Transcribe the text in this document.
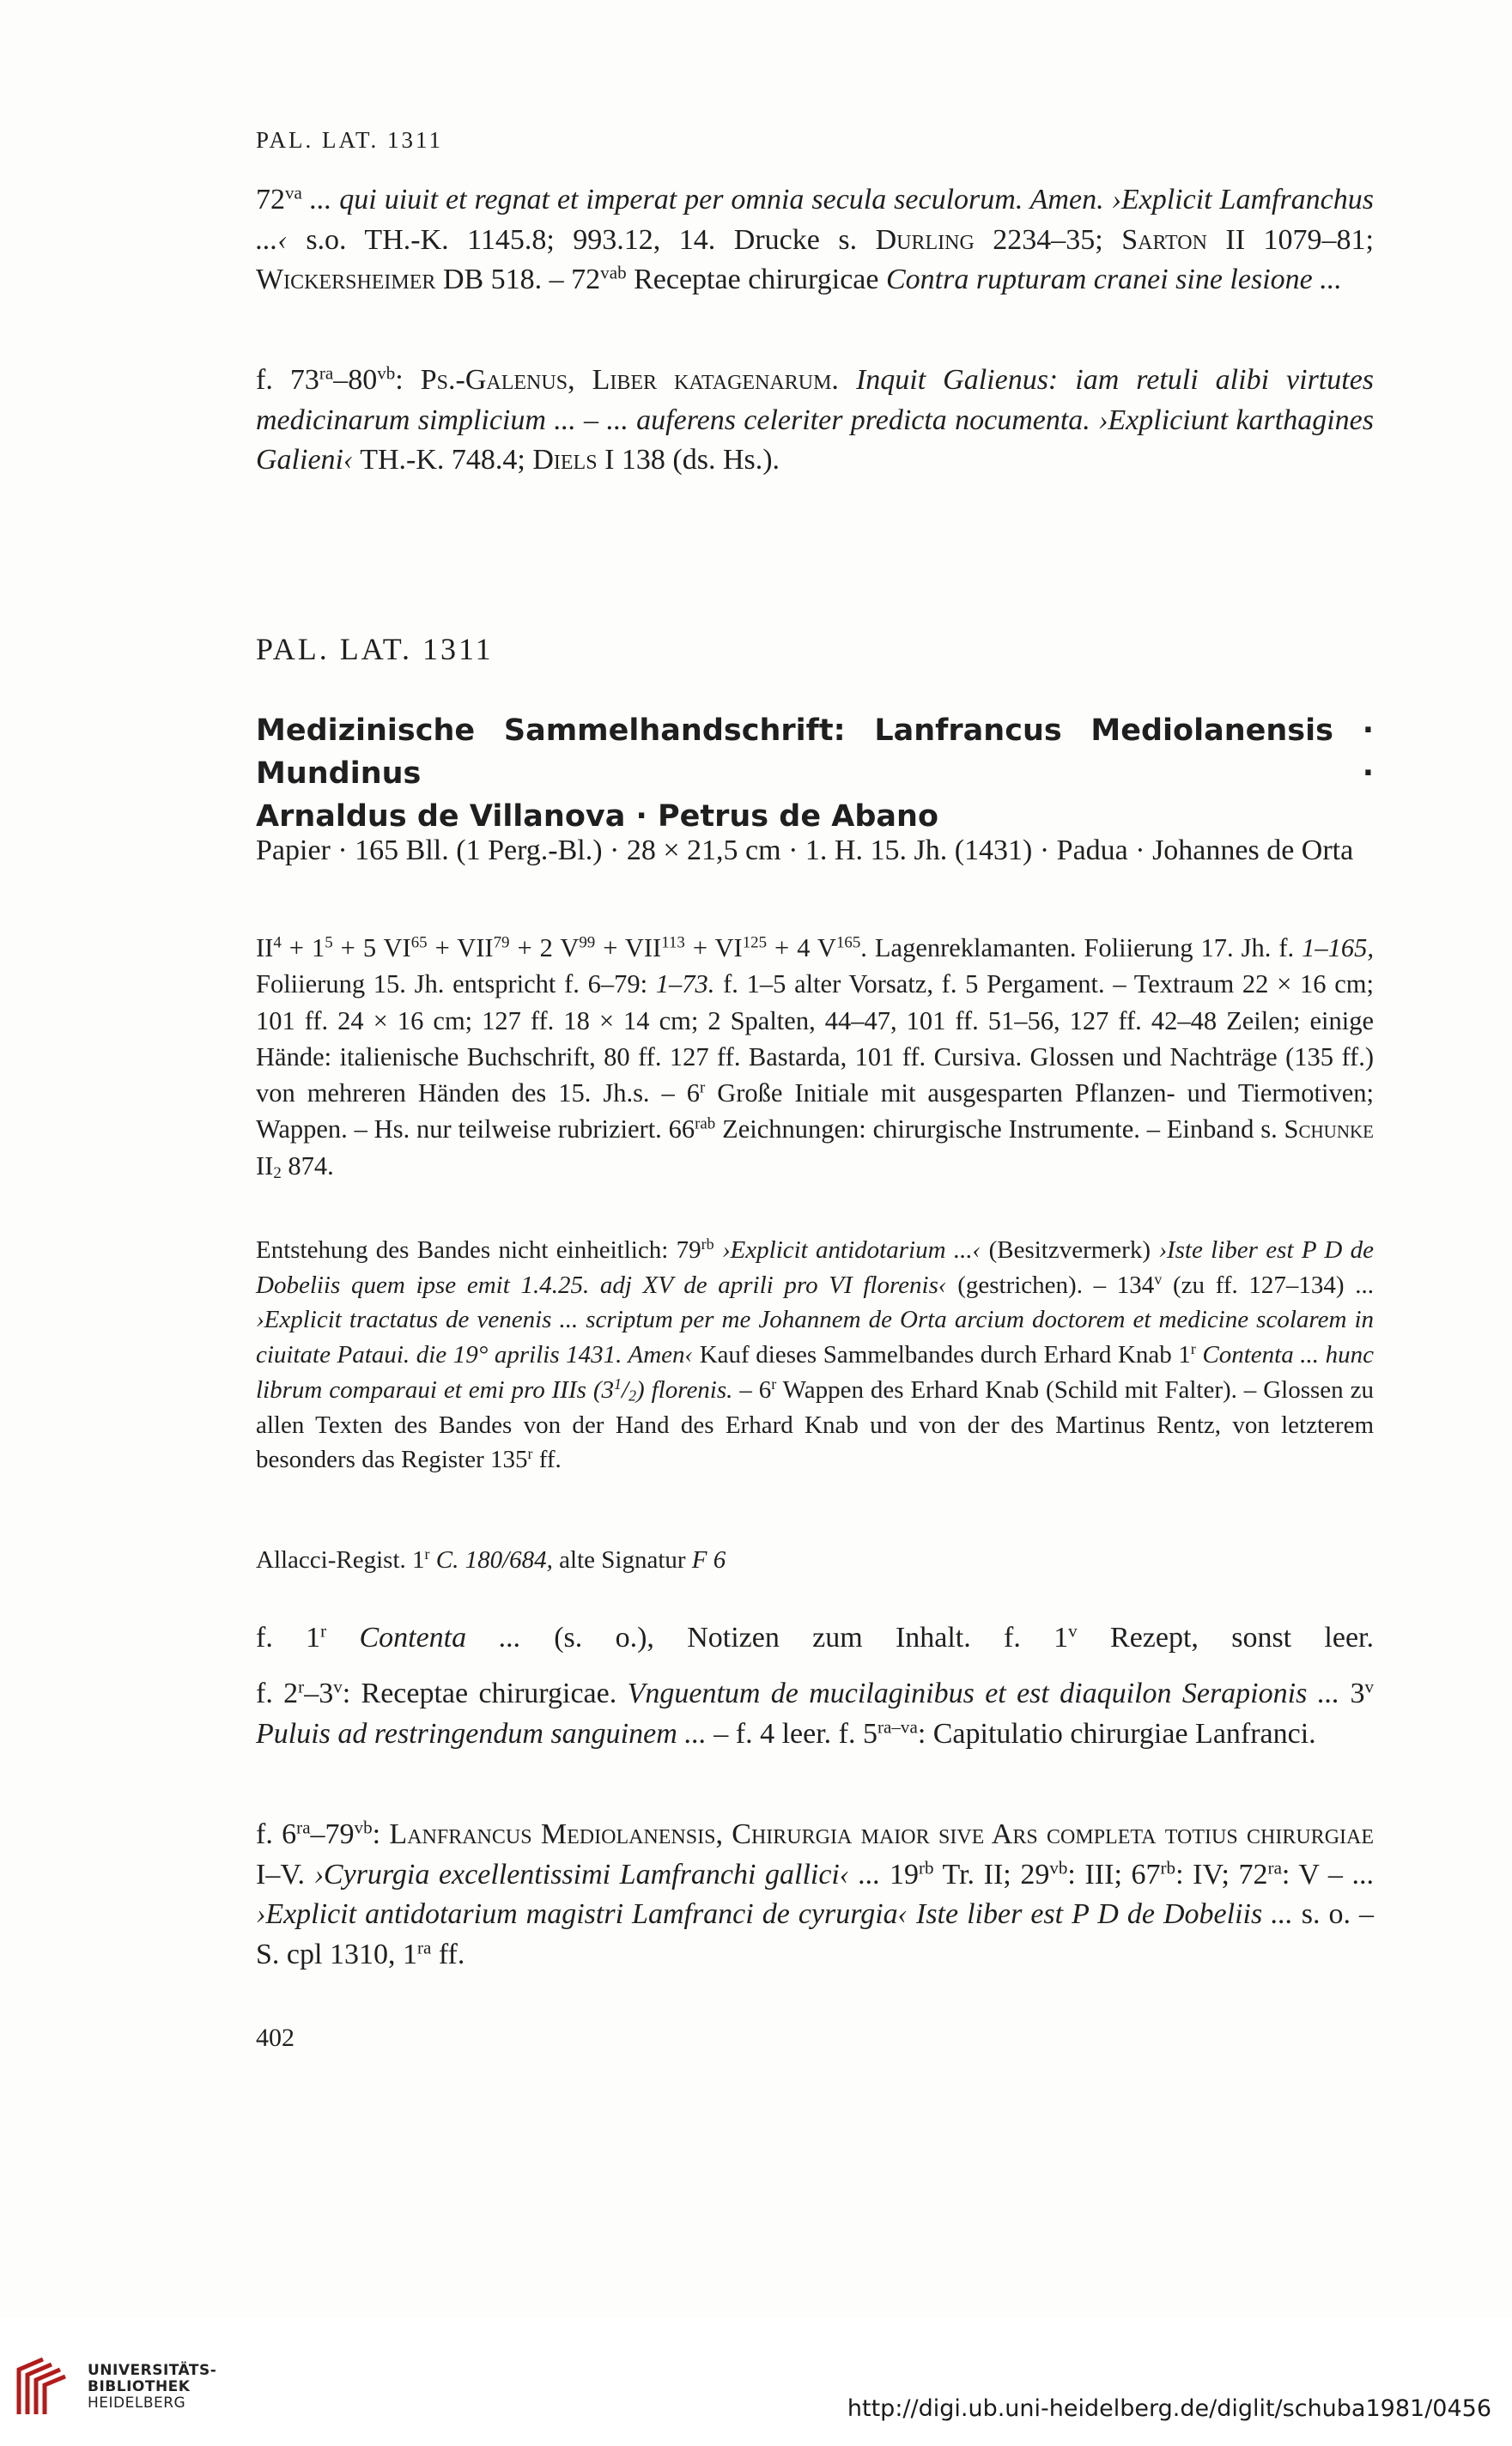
PAL. LAT. 1311
$72^{va}$ ... qui uiuit et regnat et imperat per omnia secula seculorum. Amen. ›Explicit Lamfranchus ...‹ s.o. TH.-K. 1145.8; 993.12, 14. Drucke s. Durling 2234–35; Sarton II 1079–81; Wickersheimer DB 518. – $72^{vab}$ Receptae chirurgicae Contra rupturam cranei sine lesione ...
f. $73^{ra}-80^{vb}$: Ps.-Galenus, Liber katagenarum. Inquit Galienus: iam retuli alibi virtutes medicinarum simplicium ... – ... auferens celeriter predicta nocumenta. ›Expliciunt karthagines Galieni‹ TH.-K. 748.4; Diels I 138 (ds. Hs.).
PAL. LAT. 1311
Medizinische Sammelhandschrift: Lanfrancus Mediolanensis · Mundinus ·
Arnaldus de Villanova · Petrus de Abano
Papier · 165 Bll. (1 Perg.-Bl.) · 28 × 21,5 cm · 1. H. 15. Jh. (1431) · Padua · Johannes de Orta
$II^4 + 1^5 + 5$ $VI^{65} + VII^{79} + 2$ $V^{99} + VII^{113} + VI^{125} + 4$ $V^{165}$. Lagenreklamanten. Foliierung 17. Jh. f. 1–165, Foliierung 15. Jh. entspricht f. 6–79: 1–73. f. 1–5 alter Vorsatz, f. 5 Pergament. – Textraum 22 × 16 cm; 101 ff. 24 × 16 cm; 127 ff. 18 × 14 cm; 2 Spalten, 44–47, 101 ff. 51–56, 127 ff. 42–48 Zeilen; einige Hände: italienische Buchschrift, 80 ff. 127 ff. Bastarda, 101 ff. Cursiva. Glossen und Nachträge (135 ff.) von mehreren Händen des 15. Jh.s. – 6$^r$ Große Initiale mit ausgesparten Pflanzen- und Tiermotiven; Wappen. – Hs. nur teilweise rubriziert. $66^{rab}$ Zeichnungen: chirurgische Instrumente. – Einband s. Schunke $II_2$ 874.
Entstehung des Bandes nicht einheitlich: $79^{rb}$ ›Explicit antidotarium ...‹ (Besitzvermerk) ›Iste liber est P D de Dobeliis quem ipse emit 1.4.25. adj XV de aprili pro VI florenis‹ (gestrichen). – 134$^v$ (zu ff. 127–134) ... ›Explicit tractatus de venenis ... scriptum per me Johannem de Orta arcium doctorem et medicine scolarem in ciuitate Pataui. die 19° aprilis 1431. Amen‹ Kauf dieses Sammelbandes durch Erhard Knab 1$^r$ Contenta ... hunc librum comparaui et emi pro IIIs $(3^1/_2)$ florenis. – 6$^r$ Wappen des Erhard Knab (Schild mit Falter). – Glossen zu allen Texten des Bandes von der Hand des Erhard Knab und von der des Martinus Rentz, von letzterem besonders das Register 135$^r$ ff.
Allacci-Regist. 1$^r$ C. 180/684, alte Signatur F 6
f. 1$^r$ Contenta ... (s. o.), Notizen zum Inhalt. f. 1$^v$ Rezept, sonst leer.
f. 2$^r$–3$^v$: Receptae chirurgicae. Vnguentum de mucilaginibus et est diaquilon Serapionis ... 3$^v$ Puluis ad restringendum sanguinem ... – f. 4 leer. f. $5^{ra-va}$: Capitulatio chirurgiae Lanfranci.
f. $6^{ra}-79^{vb}$: Lanfrancus Mediolanensis, Chirurgia maior sive Ars completa totius chirurgiae I–V. ›Cyrurgia excellentissimi Lamfranchi gallici‹ ... $19^{rb}$ Tr. II; $29^{vb}$: III; $67^{rb}$: IV; $72^{ra}$: V – ... ›Explicit antidotarium magistri Lamfranci de cyrurgia‹ Iste liber est P D de Dobeliis ... s. o. – S. cpl 1310, $1^{ra}$ ff.
402
UNIVERSITÄTS-
BIBLIOTHEK
HEIDELBERG	http://digi.ub.uni-heidelberg.de/diglit/schuba1981/0456
